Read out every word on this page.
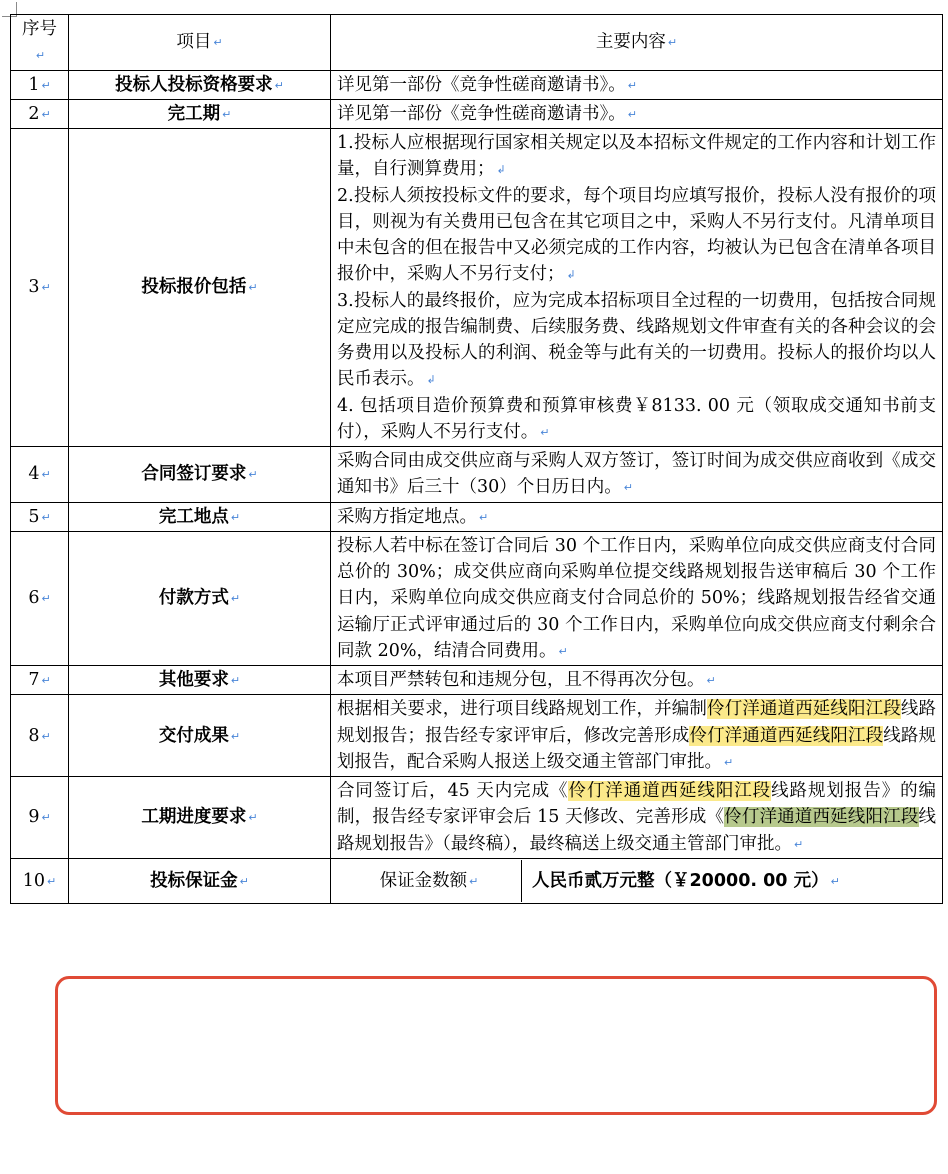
序号↵	项目 ↵	主要内容 ↵
1 ↵	投标人投标资格要求 ↵	详见第一部份《竞争性磋商邀请书》。 ↵

2 ↵	完工期 ↵	详见第一部份《竞争性磋商邀请书》。 ↵

3 ↵	投标报价包括 ↵	1.投标人应根据现行国家相关规定以及本招标文件规定的工作内容和计划工作量，自行测算费用； ↲

2.投标人须按投标文件的要求，每个项目均应填写报价，投标人没有报价的项目，则视为有关费用已包含在其它项目之中，采购人不另行支付。凡清单项目中未包含的但在报告中又必须完成的工作内容，均被认为已包含在清单各项目报价中，采购人不另行支付； ↲

3.投标人的最终报价，应为完成本招标项目全过程的一切费用，包括按合同规定应完成的报告编制费、后续服务费、线路规划文件审查有关的各种会议的会务费用以及投标人的利润、税金等与此有关的一切费用。投标人的报价均以人民币表示。 ↲

4. 包括项目造价预算费和预算审核费￥8133. 00 元（领取成交通知书前支付），采购人不另行支付。 ↵

4 ↵	合同签订要求 ↵	采购合同由成交供应商与采购人双方签订，签订时间为成交供应商收到《成交通知书》后三十（30）个日历日内。 ↵

5 ↵	完工地点 ↵	采购方指定地点。 ↵

6 ↵	付款方式 ↵	投标人若中标在签订合同后 30 个工作日内，采购单位向成交供应商支付合同总价的 30%；成交供应商向采购单位提交线路规划报告送审稿后 30 个工作日内，采购单位向成交供应商支付合同总价的 50%；线路规划报告经省交通运输厅正式评审通过后的 30 个工作日内，采购单位向成交供应商支付剩余合同款 20%，结清合同费用。 ↵

7 ↵	其他要求 ↵	本项目严禁转包和违规分包，且不得再次分包。 ↵

8 ↵	交付成果 ↵	根据相关要求，进行项目线路规划工作，并编制伶仃洋通道西延线阳江段线路规划报告；报告经专家评审后，修改完善形成伶仃洋通道西延线阳江段线路规划报告，配合采购人报送上级交通主管部门审批。 ↵

9 ↵	工期进度要求 ↵	合同签订后，45 天内完成《伶仃洋通道西延线阳江段线路规划报告》的编制，报告经专家评审会后 15 天修改、完善形成《伶仃洋通道西延线阳江段线路规划报告》（最终稿），最终稿送上级交通主管部门审批。 ↵

10 ↵	投标保证金 ↵	保证金数额 ↵ 人民币贰万元整（￥20000. 00 元） ↵
